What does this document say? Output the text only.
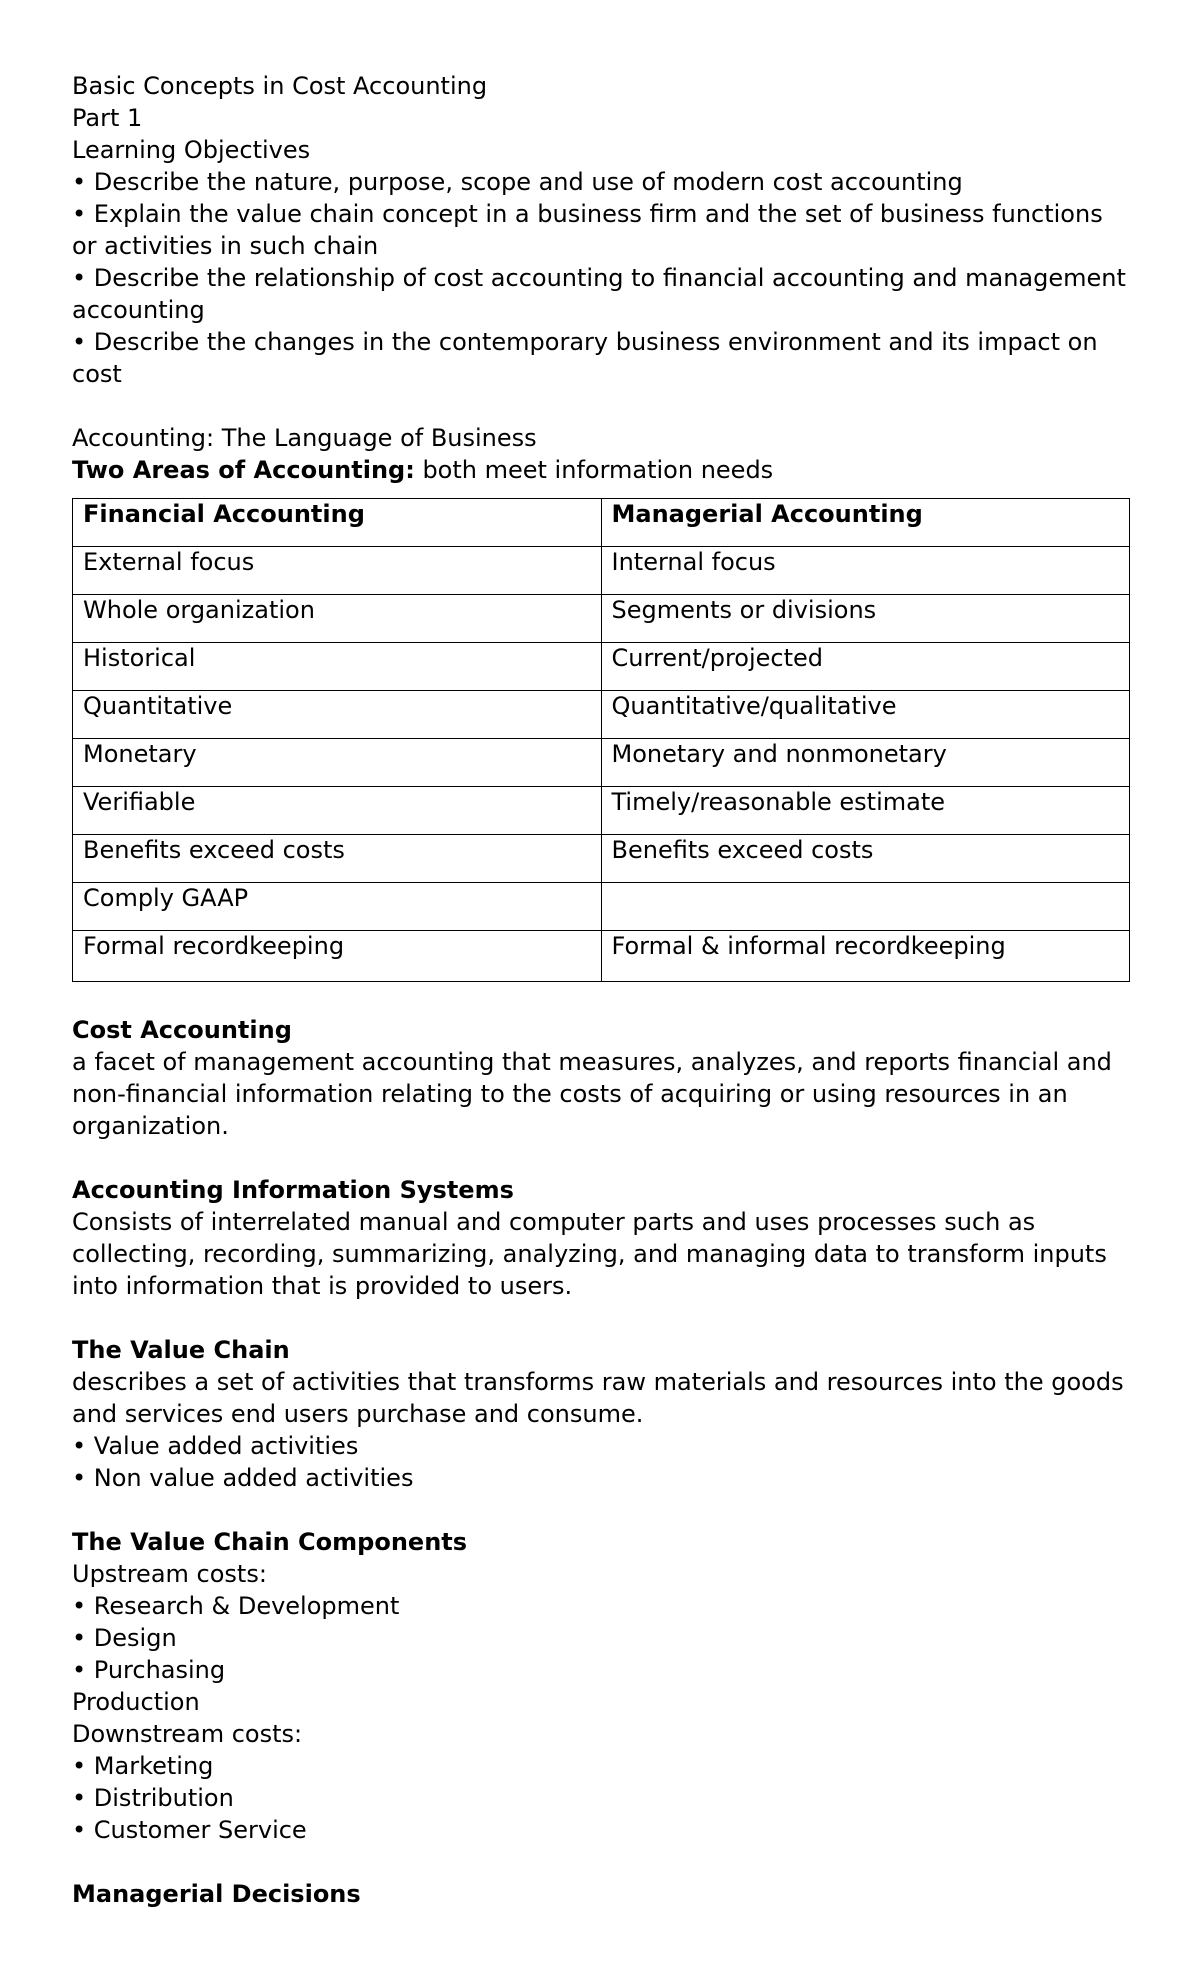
Basic Concepts in Cost Accounting
Part 1
Learning Objectives
• Describe the nature, purpose, scope and use of modern cost accounting
• Explain the value chain concept in a business firm and the set of business functions or activities in such chain
• Describe the relationship of cost accounting to financial accounting and management accounting
• Describe the changes in the contemporary business environment and its impact on cost
Accounting: The Language of Business
Two Areas of Accounting: both meet information needs
Financial Accounting	Managerial Accounting
External focus	Internal focus
Whole organization	Segments or divisions
Historical	Current/projected
Quantitative	Quantitative/qualitative
Monetary	Monetary and nonmonetary
Verifiable	Timely/reasonable estimate
Benefits exceed costs	Benefits exceed costs
Comply GAAP	
Formal recordkeeping	Formal & informal recordkeeping
Cost Accounting
a facet of management accounting that measures, analyzes, and reports financial and non-financial information relating to the costs of acquiring or using resources in an organization.
Accounting Information Systems
Consists of interrelated manual and computer parts and uses processes such as collecting, recording, summarizing, analyzing, and managing data to transform inputs into information that is provided to users.
The Value Chain
describes a set of activities that transforms raw materials and resources into the goods and services end users purchase and consume.
• Value added activities
• Non value added activities
The Value Chain Components
Upstream costs:
• Research & Development
• Design
• Purchasing
Production
Downstream costs:
• Marketing
• Distribution
• Customer Service
Managerial Decisions
